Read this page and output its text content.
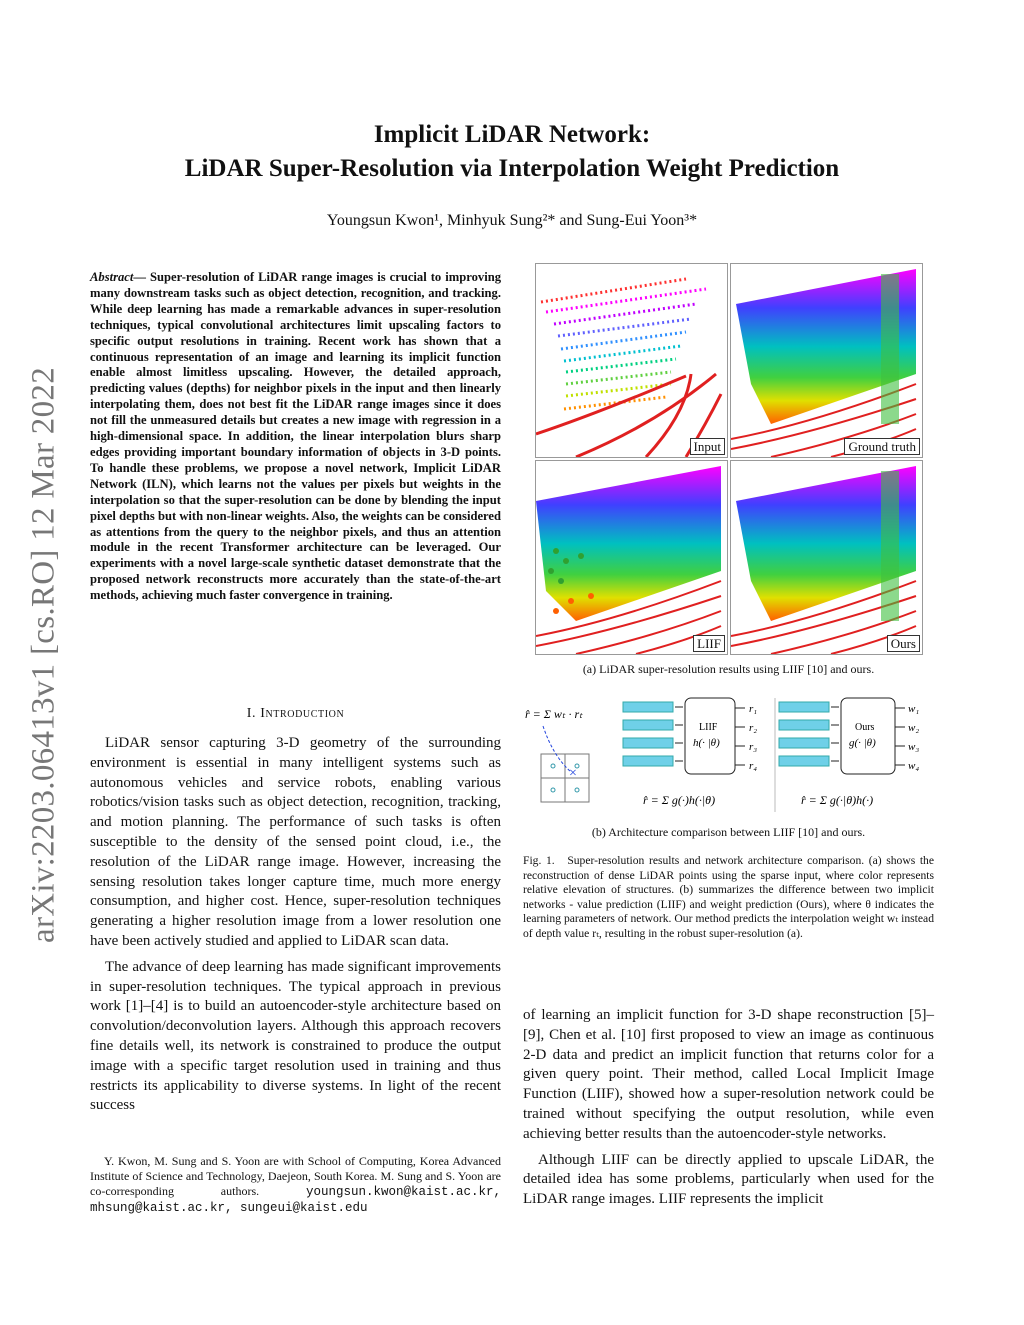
Implicit LiDAR Network:
LiDAR Super-Resolution via Interpolation Weight Prediction
Youngsun Kwon¹, Minhyuk Sung²* and Sung-Eui Yoon³*
arXiv:2203.06413v1 [cs.RO] 12 Mar 2022
Abstract— Super-resolution of LiDAR range images is crucial to improving many downstream tasks such as object detection, recognition, and tracking. While deep learning has made a remarkable advances in super-resolution techniques, typical convolutional architectures limit upscaling factors to specific output resolutions in training. Recent work has shown that a continuous representation of an image and learning its implicit function enable almost limitless upscaling. However, the detailed approach, predicting values (depths) for neighbor pixels in the input and then linearly interpolating them, does not best fit the LiDAR range images since it does not fill the unmeasured details but creates a new image with regression in a high-dimensional space. In addition, the linear interpolation blurs sharp edges providing important boundary information of objects in 3-D points. To handle these problems, we propose a novel network, Implicit LiDAR Network (ILN), which learns not the values per pixels but weights in the interpolation so that the super-resolution can be done by blending the input pixel depths but with non-linear weights. Also, the weights can be considered as attentions from the query to the neighbor pixels, and thus an attention module in the recent Transformer architecture can be leveraged. Our experiments with a novel large-scale synthetic dataset demonstrate that the proposed network reconstructs more accurately than the state-of-the-art methods, achieving much faster convergence in training.
I. Introduction

LiDAR sensor capturing 3-D geometry of the surrounding environment is essential in many intelligent systems such as autonomous vehicles and service robots, enabling various robotics/vision tasks such as object detection, recognition, tracking, and motion planning. The performance of such tasks is often susceptible to the density of the sensed point cloud, i.e., the resolution of the LiDAR range image. However, increasing the sensing resolution takes longer capture time, much more energy consumption, and higher cost. Hence, super-resolution techniques generating a higher resolution image from a lower resolution one have been actively studied and applied to LiDAR scan data.

The advance of deep learning has made significant improvements in super-resolution techniques. The typical approach in previous work [1]–[4] is to build an autoencoder-style architecture based on convolution/deconvolution layers. Although this approach recovers fine details well, its network is constrained to produce the output image with a specific target resolution used in training and thus restricts its applicability to diverse systems. In light of the recent success

Y. Kwon, M. Sung and S. Yoon are with School of Computing, Korea Advanced Institute of Science and Technology, Daejeon, South Korea. M. Sung and S. Yoon are co-corresponding authors.	youngsun.kwon@kaist.ac.kr, mhsung@kaist.ac.kr, sungeui@kaist.edu
Input	Ground truth
LIIF	Ours
(a) LiDAR super-resolution results using LIIF [10] and ours.
r̂ = Σ wₜ · rₜ
×
LIIF
h(· |θ)
r₁
r₂
r₃
r₄
Ours
g(· |θ)
w₁
w₂
w₃
w₄
r̂ = Σ g(·)h(·|θ)	r̂ = Σ g(·|θ)h(·)
(b) Architecture comparison between LIIF [10] and ours.
Fig. 1. Super-resolution results and network architecture comparison. (a) shows the reconstruction of dense LiDAR points using the sparse input, where color represents relative elevation of structures. (b) summarizes the difference between two implicit networks - value prediction (LIIF) and weight prediction (Ours), where θ indicates the learning parameters of network. Our method predicts the interpolation weight wₜ instead of depth value rₜ, resulting in the robust super-resolution (a).

of learning an implicit function for 3-D shape reconstruction [5]–[9], Chen et al. [10] first proposed to view an image as continuous 2-D data and predict an implicit function that returns color for a given query point. Their method, called Local Implicit Image Function (LIIF), showed how a super-resolution network could be trained without specifying the output resolution, while even achieving better results than the autoencoder-style networks.

Although LIIF can be directly applied to upscale LiDAR, the detailed idea has some problems, particularly when used for the LiDAR range images. LIIF represents the implicit
